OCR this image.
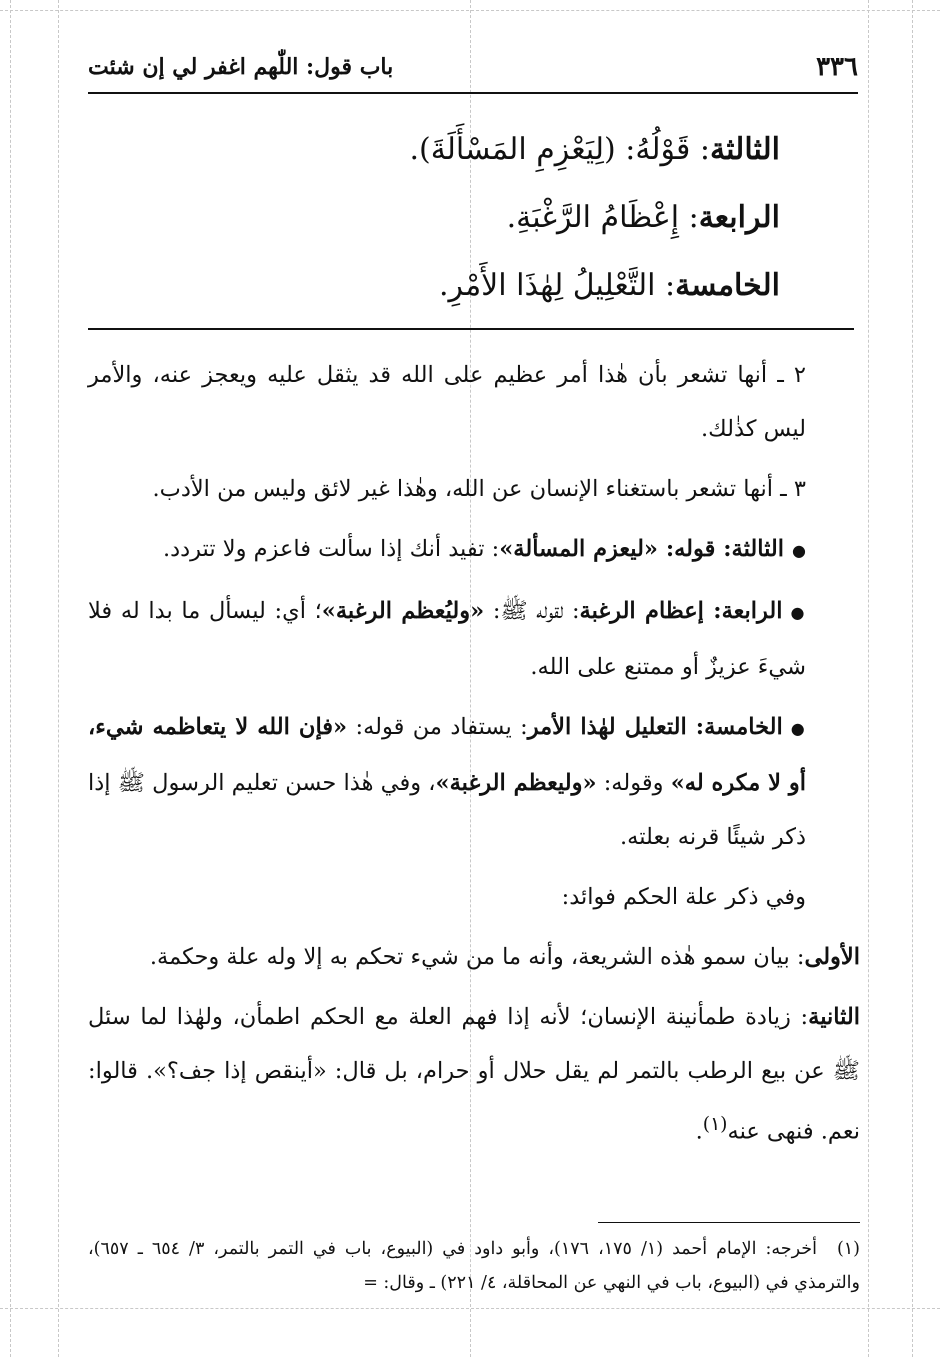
٣٣٦
باب قول: اللّٰهم اغفر لي إن شئت
الثالثة: قَوْلُهُ: (لِيَعْزِمِ المَسْأَلَةَ).
الرابعة: إِعْظَامُ الرَّغْبَةِ.
الخامسة: التَّعْلِيلُ لِهٰذَا الأَمْرِ.

٢ ـ أنها تشعر بأن هٰذا أمر عظيم على الله قد يثقل عليه ويعجز عنه، والأمر ليس كذٰلك.

٣ ـ أنها تشعر باستغناء الإنسان عن الله، وهٰذا غير لائق وليس من الأدب.

●الثالثة: قوله: «ليعزم المسألة»: تفيد أنك إذا سألت فاعزم ولا تتردد.

●الرابعة: إعظام الرغبة: لقوله ﷺ: «وليُعظم الرغبة»؛ أي: ليسأل ما بدا له فلا شيءَ عزيزٌ أو ممتنع على الله.

●الخامسة: التعليل لهٰذا الأمر: يستفاد من قوله: «فإن الله لا يتعاظمه شيء، أو لا مكره له» وقوله: «وليعظم الرغبة»، وفي هٰذا حسن تعليم الرسول ﷺ إذا ذكر شيئًا قرنه بعلته.

وفي ذكر علة الحكم فوائد:

الأولى: بيان سمو هٰذه الشريعة، وأنه ما من شيء تحكم به إلا وله علة وحكمة.

الثانية: زيادة طمأنينة الإنسان؛ لأنه إذا فهم العلة مع الحكم اطمأن، ولهٰذا لما سئل ﷺ عن بيع الرطب بالتمر لم يقل حلال أو حرام، بل قال: «أينقص إذا جف؟». قالوا: نعم. فنهى عنه$^{(١)}$.

(١)أخرجه: الإمام أحمد (١/ ١٧٥، ١٧٦)، وأبو داود في (البيوع، باب في التمر بالتمر، ٣/ ٦٥٤ ـ ٦٥٧)، والترمذي في (البيوع، باب في النهي عن المحاقلة، ٤/ ٢٢١) ـ وقال: =
